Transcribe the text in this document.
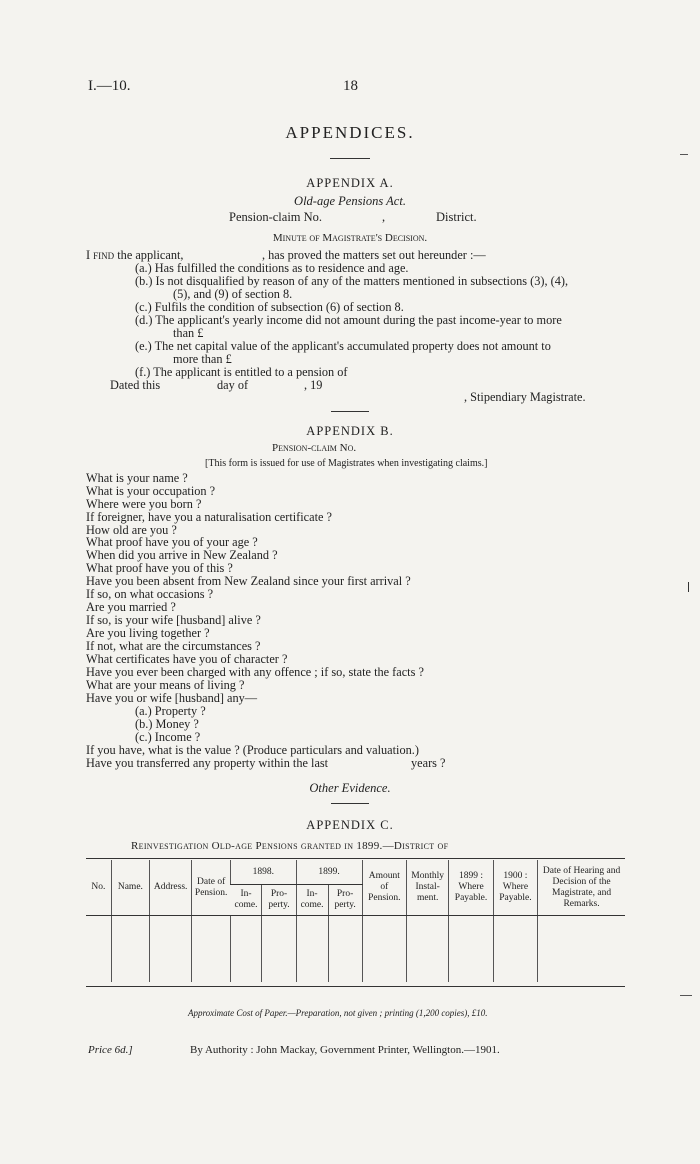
I.—10.	18
APPENDICES.
APPENDIX A.
Old-age Pensions Act.
Pension-claim No.	,	District.
Minute of Magistrate's Decision.
I find the applicant,	, has proved the matters set out hereunder :—
(a.) Has fulfilled the conditions as to residence and age.
(b.) Is not disqualified by reason of any of the matters mentioned in subsections (3), (4),
(5), and (9) of section 8.
(c.) Fulfils the condition of subsection (6) of section 8.
(d.) The applicant's yearly income did not amount during the past income-year to more
than £
(e.) The net capital value of the applicant's accumulated property does not amount to
more than £
(f.) The applicant is entitled to a pension of
Dated this	day of	, 19
, Stipendiary Magistrate.
APPENDIX B.
Pension-claim No.
[This form is issued for use of Magistrates when investigating claims.]
What is your name ?
What is your occupation ?
Where were you born ?
If foreigner, have you a naturalisation certificate ?
How old are you ?
What proof have you of your age ?
When did you arrive in New Zealand ?
What proof have you of this ?
Have you been absent from New Zealand since your first arrival ?
If so, on what occasions ?
Are you married ?
If so, is your wife [husband] alive ?
Are you living together ?
If not, what are the circumstances ?
What certificates have you of character ?
Have you ever been charged with any offence ; if so, state the facts ?
What are your means of living ?
Have you or wife [husband] any—
(a.) Property ?
(b.) Money ?
(c.) Income ?
If you have, what is the value ? (Produce particulars and valuation.)
Have you transferred any property within the last	years ?
Other Evidence.
APPENDIX C.
Reinvestigation Old-age Pensions granted in 1899.—District of
No.	Name.	Address.	Date of Pension.	1898.		1899.		Amount of Pension.	Monthly Instal-ment.	1899 : Where Payable.	1900 : Where Payable.	Date of Hearing and Decision of the Magistrate, and Remarks.
				In-come.	Pro-perty.	In-come.	Pro-perty.					

Approximate Cost of Paper.—Preparation, not given ; printing (1,200 copies), £10.
Price 6d.]	By Authority : John Mackay, Government Printer, Wellington.—1901.
